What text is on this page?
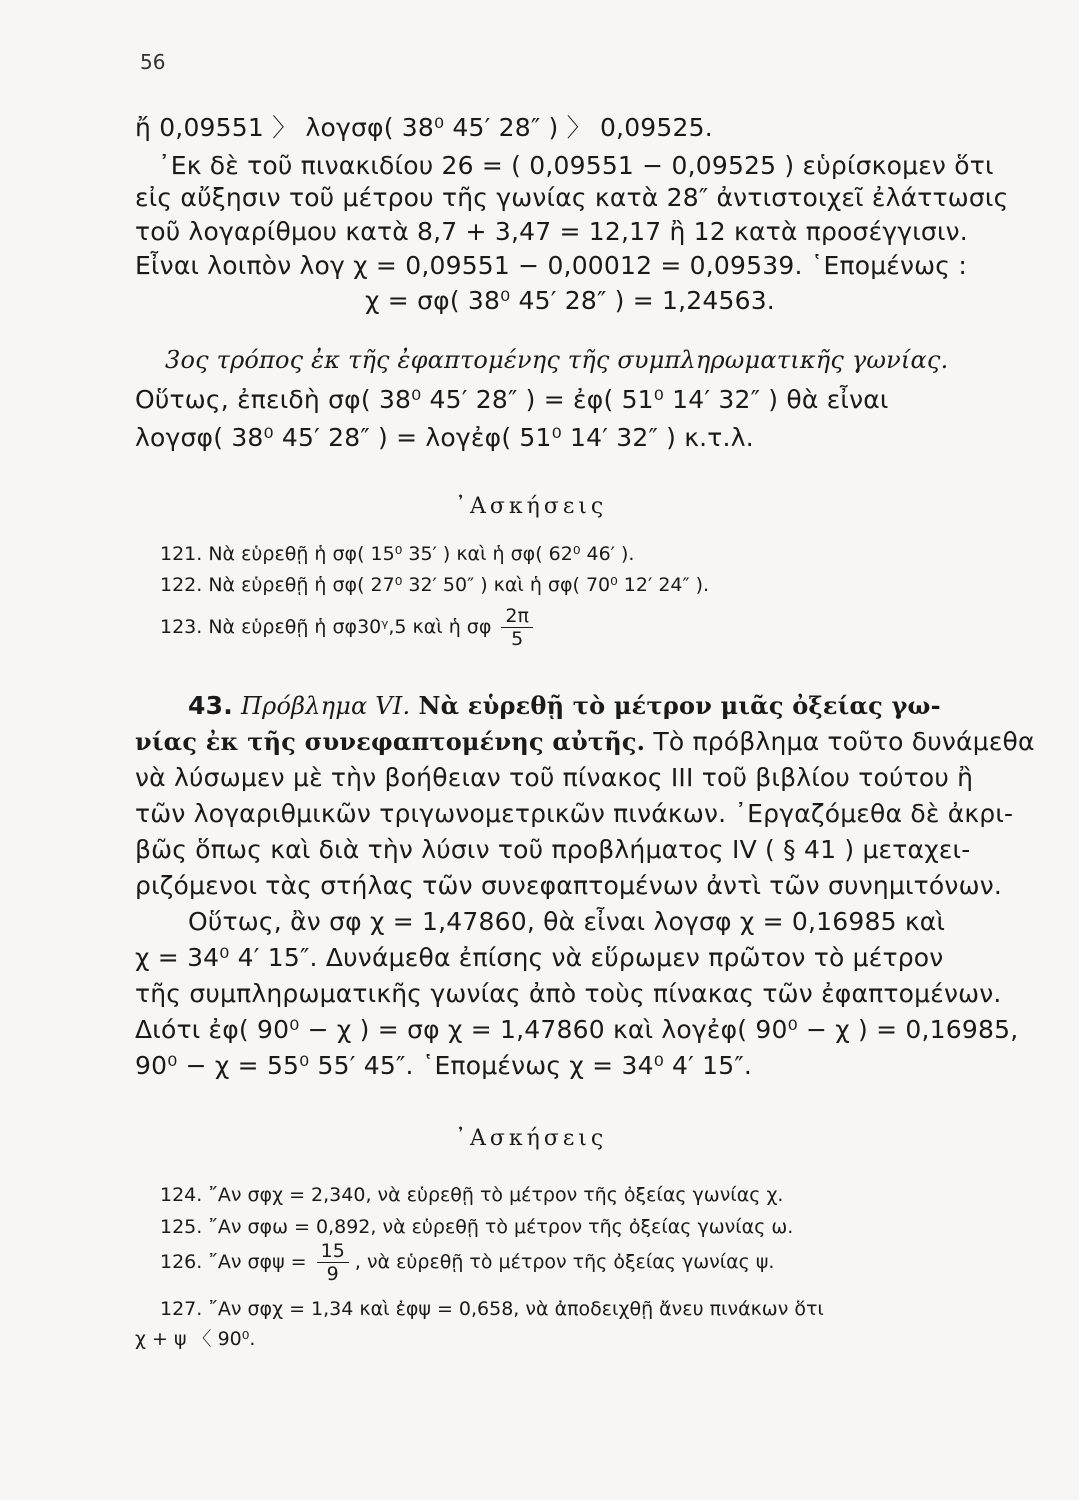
56
ἤ 0,09551 〉 λογσφ( 38⁰ 45′ 28″ ) 〉 0,09525.
᾿Εκ δὲ τοῦ πινακιδίου 26 = ( 0,09551 − 0,09525 ) εὑρίσκομεν ὅτι
εἰς αὔξησιν τοῦ μέτρου τῆς γωνίας κατὰ 28″ ἀντιστοιχεῖ ἐλάττωσις
τοῦ λογαρίθμου κατὰ 8,7 + 3,47 = 12,17 ἢ 12 κατὰ προσέγγισιν.
Εἶναι λοιπὸν λογ χ = 0,09551 − 0,00012 = 0,09539. ῾Επομένως :
χ = σφ( 38⁰ 45′ 28″ ) = 1,24563.
3ος τρόπος ἐκ τῆς ἐφαπτομένης τῆς συμπληρωματικῆς γωνίας.
Οὕτως, ἐπειδὴ σφ( 38⁰ 45′ 28″ ) = ἐφ( 51⁰ 14′ 32″ ) θὰ εἶναι
λογσφ( 38⁰ 45′ 28″ ) = λογἐφ( 51⁰ 14′ 32″ ) κ.τ.λ.
᾿Ασκήσεις
121. Νὰ εὑρεθῇ ἡ σφ( 15⁰ 35′ ) καὶ ἡ σφ( 62⁰ 46′ ).
122. Νὰ εὑρεθῇ ἡ σφ( 27⁰ 32′ 50″ ) καὶ ἡ σφ( 70⁰ 12′ 24″ ).
123. Νὰ εὑρεθῇ ἡ σφ30ᵞ,5 καὶ ἡ σφ $\frac{2\pi}{5}$
43. Πρόβλημα VI. Νὰ εὑρεθῇ τὸ μέτρον μιᾶς ὀξείας γω-
νίας ἐκ τῆς συνεφαπτομένης αὐτῆς. Τὸ πρόβλημα τοῦτο δυνάμεθα
νὰ λύσωμεν μὲ τὴν βοήθειαν τοῦ πίνακος ΙΙΙ τοῦ βιβλίου τούτου ἢ
τῶν λογαριθμικῶν τριγωνομετρικῶν πινάκων. ᾿Εργαζόμεθα δὲ ἀκρι-
βῶς ὅπως καὶ διὰ τὴν λύσιν τοῦ προβλήματος IV ( § 41 ) μεταχει-
ριζόμενοι τὰς στήλας τῶν συνεφαπτομένων ἀντὶ τῶν συνημιτόνων.
Οὕτως, ἂν σφ χ = 1,47860, θὰ εἶναι λογσφ χ = 0,16985 καὶ
χ = 34⁰ 4′ 15″. Δυνάμεθα ἐπίσης νὰ εὕρωμεν πρῶτον τὸ μέτρον
τῆς συμπληρωματικῆς γωνίας ἀπὸ τοὺς πίνακας τῶν ἐφαπτομένων.
Διότι ἐφ( 90⁰ − χ ) = σφ χ = 1,47860 καὶ λογἐφ( 90⁰ − χ ) = 0,16985,
90⁰ − χ = 55⁰ 55′ 45″. ῾Επομένως χ = 34⁰ 4′ 15″.
᾿Ασκήσεις
124. ῎Αν σφχ = 2,340, νὰ εὑρεθῇ τὸ μέτρον τῆς ὀξείας γωνίας χ.
125. ῎Αν σφω = 0,892, νὰ εὑρεθῇ τὸ μέτρον τῆς ὀξείας γωνίας ω.
126. ῎Αν $\sigma\varphi\psi = \frac{15}{9}$ , νὰ εὑρεθῇ τὸ μέτρον τῆς ὀξείας γωνίας ψ.
127. ῎Αν σφχ = 1,34 καὶ ἐφψ = 0,658, νὰ ἀποδειχθῇ ἄνευ πινάκων ὅτι
χ + ψ 〈 90⁰.
